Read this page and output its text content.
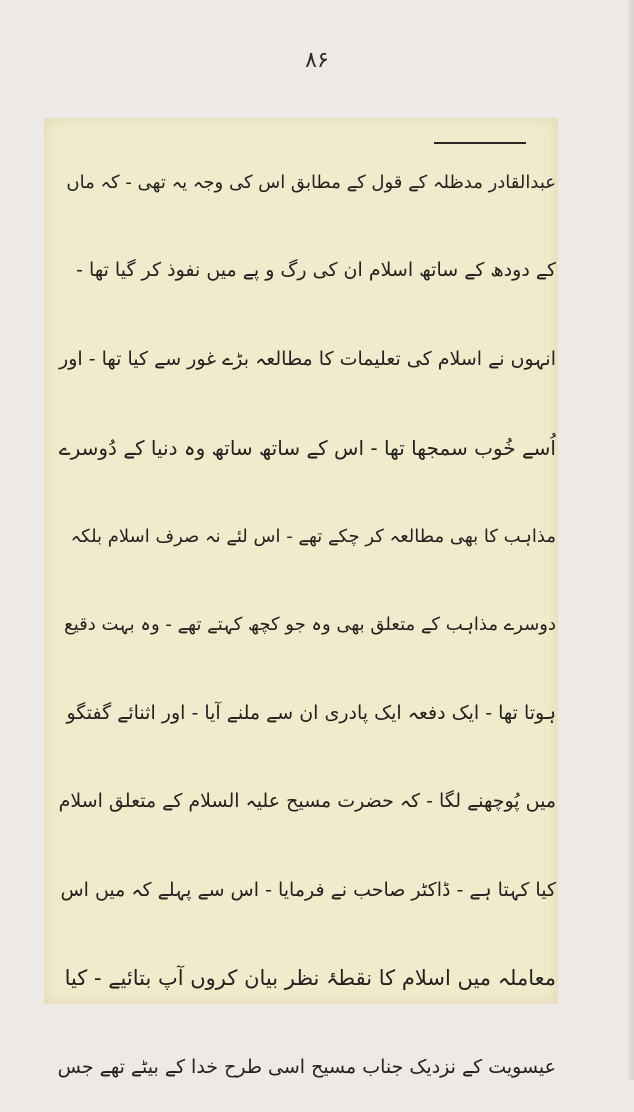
۸۶
عبدالقادر مدظلہ کے قول کے مطابق اس کی وجہ یہ تھی - کہ ماں
کے دودھ کے ساتھ اسلام ان کی رگ و پے میں نفوذ کر گیا تھا -
انہوں نے اسلام کی تعلیمات کا مطالعہ بڑے غور سے کیا تھا - اور
اُسے خُوب سمجھا تھا - اس کے ساتھ ساتھ وہ دنیا کے دُوسرے
مذاہب کا بھی مطالعہ کر چکے تھے - اس لئے نہ صرف اسلام بلکہ
دوسرے مذاہب کے متعلق بھی وہ جو کچھ کہتے تھے - وہ بہت دقیع
ہوتا تھا - ایک دفعہ ایک پادری ان سے ملنے آیا - اور اثنائے گفتگو
میں پُوچھنے لگا - کہ حضرت مسیح علیہ السلام کے متعلق اسلام
کیا کہتا ہے - ڈاکٹر صاحب نے فرمایا - اس سے پہلے کہ میں اس
معاملہ میں اسلام کا نقطۂ نظر بیان کروں آپ بتائیے - کیا
عیسویت کے نزدیک جناب مسیح اسی طرح خدا کے بیٹے تھے جس
